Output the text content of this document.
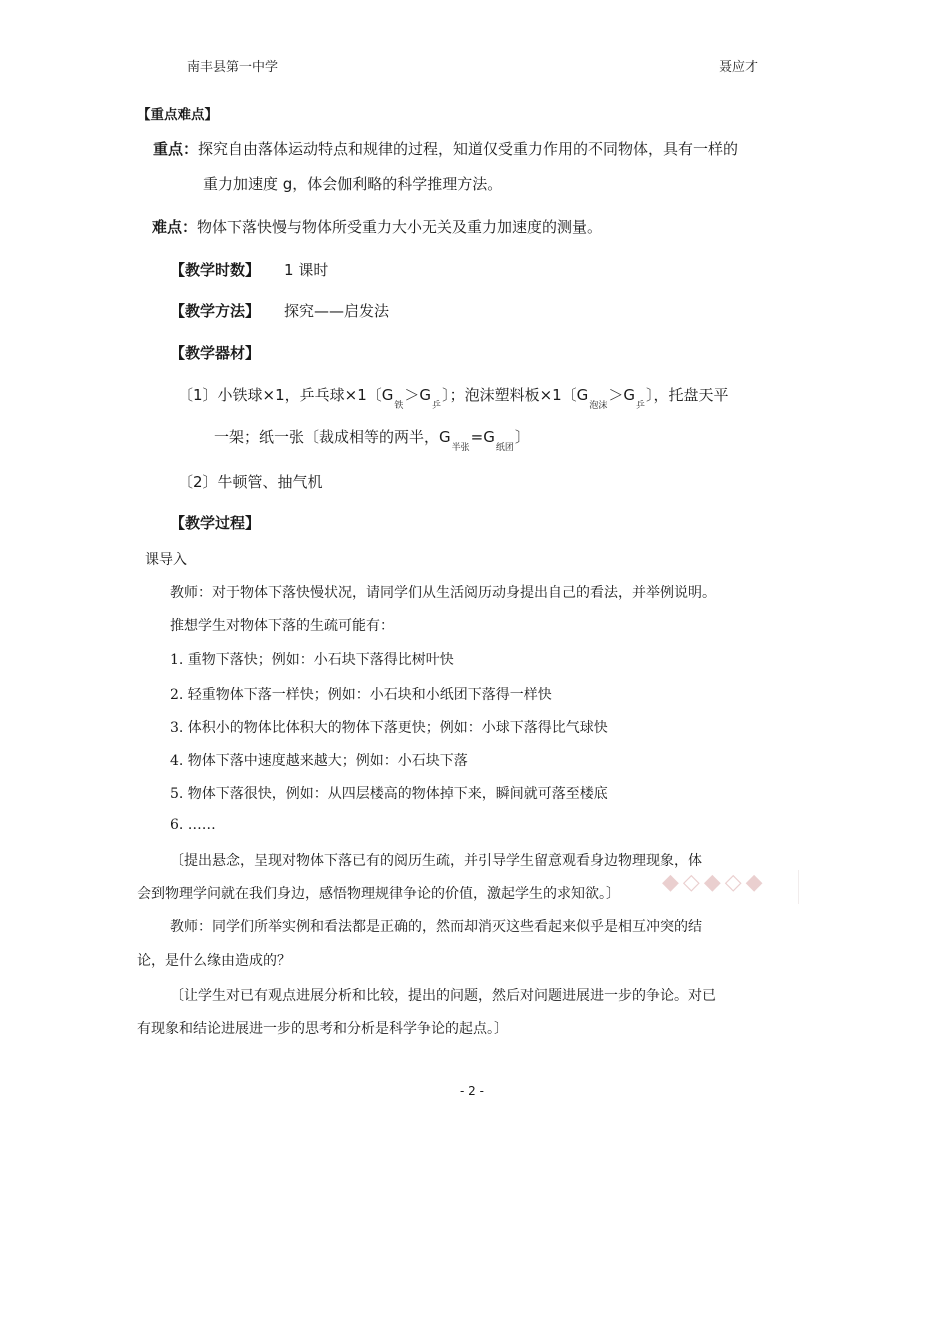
南丰县第一中学	聂应才
【重点难点】
重点：探究自由落体运动特点和规律的过程，知道仅受重力作用的不同物体，具有一样的
重力加速度 g，体会伽利略的科学推理方法。
难点：物体下落快慢与物体所受重力大小无关及重力加速度的测量。
【教学时数】 1 课时
【教学方法】 探究——启发法
【教学器材】
〔1〕小铁球×1，乒乓球×1〔$G_铁>G_乒$〕；泡沫塑料板×1〔$G_{泡沫}>G_乒$〕，托盘天平
一架；纸一张〔裁成相等的两半，$G_{半张}=G_{纸团}$〕
〔2〕牛顿管、抽气机
【教学过程】
课导入
教师：对于物体下落快慢状况，请同学们从生活阅历动身提出自己的看法，并举例说明。
推想学生对物体下落的生疏可能有：
1. 重物下落快；例如：小石块下落得比树叶快
2. 轻重物体下落一样快；例如：小石块和小纸团下落得一样快
3. 体积小的物体比体积大的物体下落更快；例如：小球下落得比气球快
4. 物体下落中速度越来越大；例如：小石块下落
5. 物体下落很快，例如：从四层楼高的物体掉下来，瞬间就可落至楼底
6. ……
〔提出悬念，呈现对物体下落已有的阅历生疏，并引导学生留意观看身边物理现象，体
会到物理学问就在我们身边，感悟物理规律争论的价值，激起学生的求知欲。〕 ◆◇◆◇◆
教师：同学们所举实例和看法都是正确的，然而却消灭这些看起来似乎是相互冲突的结
论，是什么缘由造成的？
〔让学生对已有观点进展分析和比较，提出的问题，然后对问题进展进一步的争论。对已
有现象和结论进展进一步的思考和分析是科学争论的起点。〕
- 2 -
